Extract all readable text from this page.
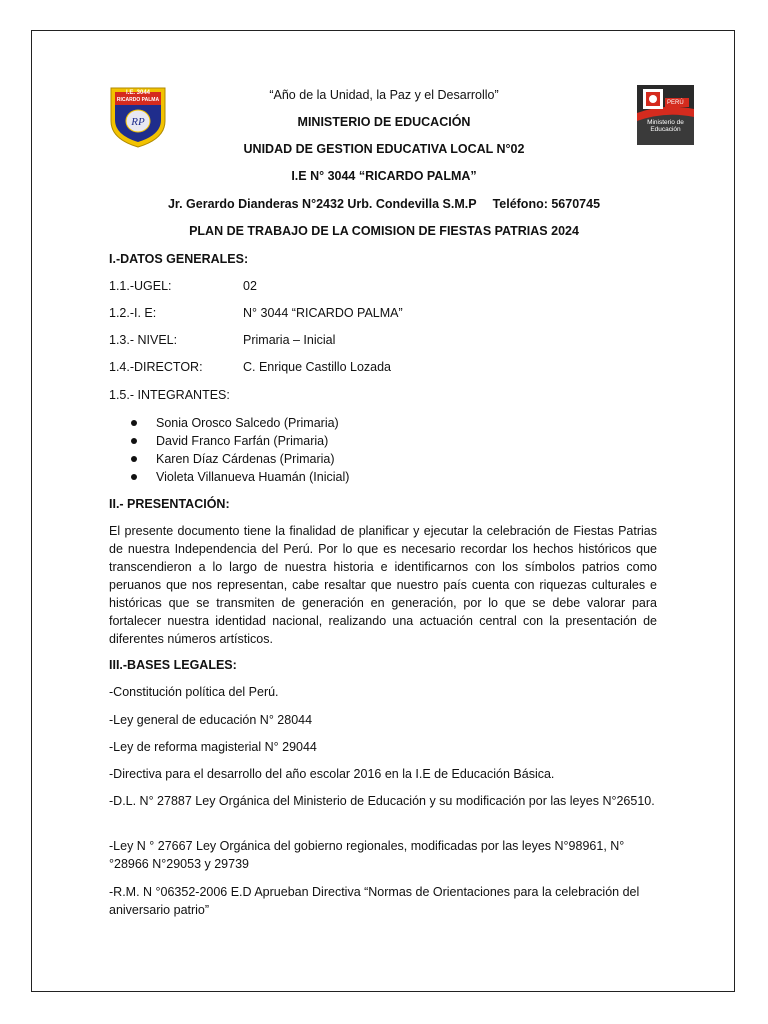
RP
I.E. 3044
RICARDO PALMA	PERÚ
Ministerio de
Educación
“Año de la Unidad, la Paz y el Desarrollo”
MINISTERIO DE EDUCACIÓN
UNIDAD DE GESTION EDUCATIVA LOCAL N°02
I.E N° 3044 “RICARDO PALMA”
Jr. Gerardo Dianderas N°2432 Urb. Condevilla S.M.P Teléfono: 5670745
PLAN DE TRABAJO DE LA COMISION DE FIESTAS PATRIAS 2024
I.-DATOS GENERALES:
1.1.-UGEL:	02
1.2.-I. E:	N° 3044 “RICARDO PALMA”
1.3.- NIVEL:	Primaria – Inicial
1.4.-DIRECTOR:	C. Enrique Castillo Lozada
1.5.- INTEGRANTES:
Sonia Orosco Salcedo (Primaria)
David Franco Farfán (Primaria)
Karen Díaz Cárdenas (Primaria)
Violeta Villanueva Huamán (Inicial)
II.- PRESENTACIÓN:
El presente documento tiene la finalidad de planificar y ejecutar la celebración de Fiestas Patrias de nuestra Independencia del Perú. Por lo que es necesario recordar los hechos históricos que transcendieron a lo largo de nuestra historia e identificarnos con los símbolos patrios como peruanos que nos representan, cabe resaltar que nuestro país cuenta con riquezas culturales e históricas que se transmiten de generación en generación, por lo que se debe valorar para fortalecer nuestra identidad nacional, realizando una actuación central con la presentación de diferentes números artísticos.
III.-BASES LEGALES:
-Constitución política del Perú.
-Ley general de educación N° 28044
-Ley de reforma magisterial N° 29044
-Directiva para el desarrollo del año escolar 2016 en la I.E de Educación Básica.
-D.L. N° 27887 Ley Orgánica del Ministerio de Educación y su modificación por las leyes N°26510.
-Ley N ° 27667 Ley Orgánica del gobierno regionales, modificadas por las leyes N°98961, N° °28966 N°29053 y 29739
-R.M. N °06352-2006 E.D Aprueban Directiva “Normas de Orientaciones para la celebración del aniversario patrio”
